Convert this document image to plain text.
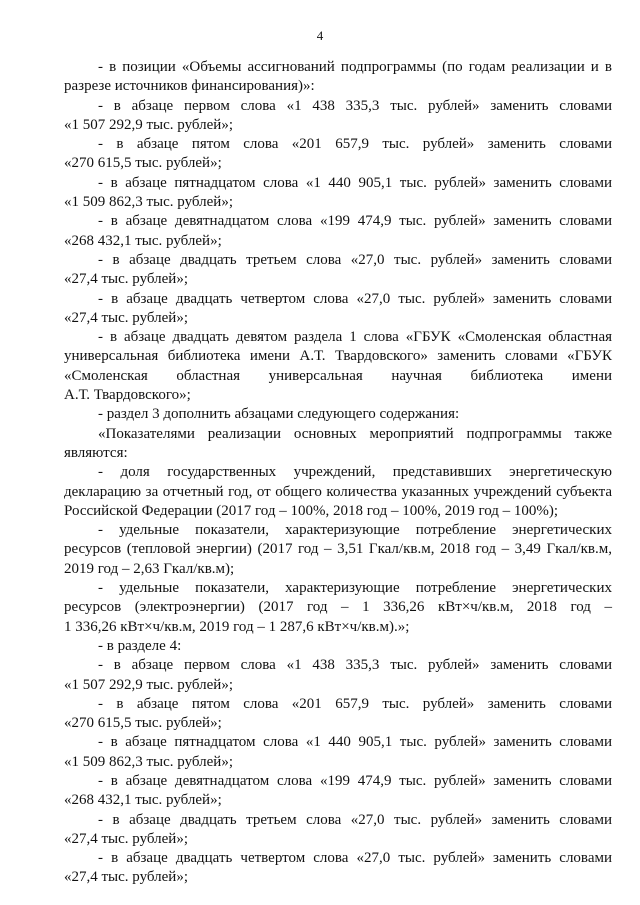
4
- в позиции «Объемы ассигнований подпрограммы (по годам реализации и в
разрезе источников финансирования)»:
- в абзаце первом слова «1 438 335,3 тыс. рублей» заменить словами
«1 507 292,9 тыс. рублей»;
- в абзаце пятом слова «201 657,9 тыс. рублей» заменить словами
«270 615,5 тыс. рублей»;
- в абзаце пятнадцатом слова «1 440 905,1 тыс. рублей» заменить словами
«1 509 862,3 тыс. рублей»;
- в абзаце девятнадцатом слова «199 474,9 тыс. рублей» заменить словами
«268 432,1 тыс. рублей»;
- в абзаце двадцать третьем слова «27,0 тыс. рублей» заменить словами
«27,4 тыс. рублей»;
- в абзаце двадцать четвертом слова «27,0 тыс. рублей» заменить словами
«27,4 тыс. рублей»;
- в абзаце двадцать девятом раздела 1 слова «ГБУК «Смоленская областная
универсальная библиотека имени А.Т. Твардовского» заменить словами «ГБУК
«Смоленская областная универсальная научная библиотека имени
А.Т. Твардовского»;
- раздел 3 дополнить абзацами следующего содержания:
«Показателями реализации основных мероприятий подпрограммы также
являются:
- доля государственных учреждений, представивших энергетическую
декларацию за отчетный год, от общего количества указанных учреждений субъекта
Российской Федерации (2017 год – 100%, 2018 год – 100%, 2019 год – 100%);
- удельные показатели, характеризующие потребление энергетических
ресурсов (тепловой энергии) (2017 год – 3,51 Гкал/кв.м, 2018 год – 3,49 Гкал/кв.м,
2019 год – 2,63 Гкал/кв.м);
- удельные показатели, характеризующие потребление энергетических
ресурсов (электроэнергии) (2017 год – 1 336,26 кВт×ч/кв.м, 2018 год –
1 336,26 кВт×ч/кв.м, 2019 год – 1 287,6 кВт×ч/кв.м).»;
- в разделе 4:
- в абзаце первом слова «1 438 335,3 тыс. рублей» заменить словами
«1 507 292,9 тыс. рублей»;
- в абзаце пятом слова «201 657,9 тыс. рублей» заменить словами
«270 615,5 тыс. рублей»;
- в абзаце пятнадцатом слова «1 440 905,1 тыс. рублей» заменить словами
«1 509 862,3 тыс. рублей»;
- в абзаце девятнадцатом слова «199 474,9 тыс. рублей» заменить словами
«268 432,1 тыс. рублей»;
- в абзаце двадцать третьем слова «27,0 тыс. рублей» заменить словами
«27,4 тыс. рублей»;
- в абзаце двадцать четвертом слова «27,0 тыс. рублей» заменить словами
«27,4 тыс. рублей»;
